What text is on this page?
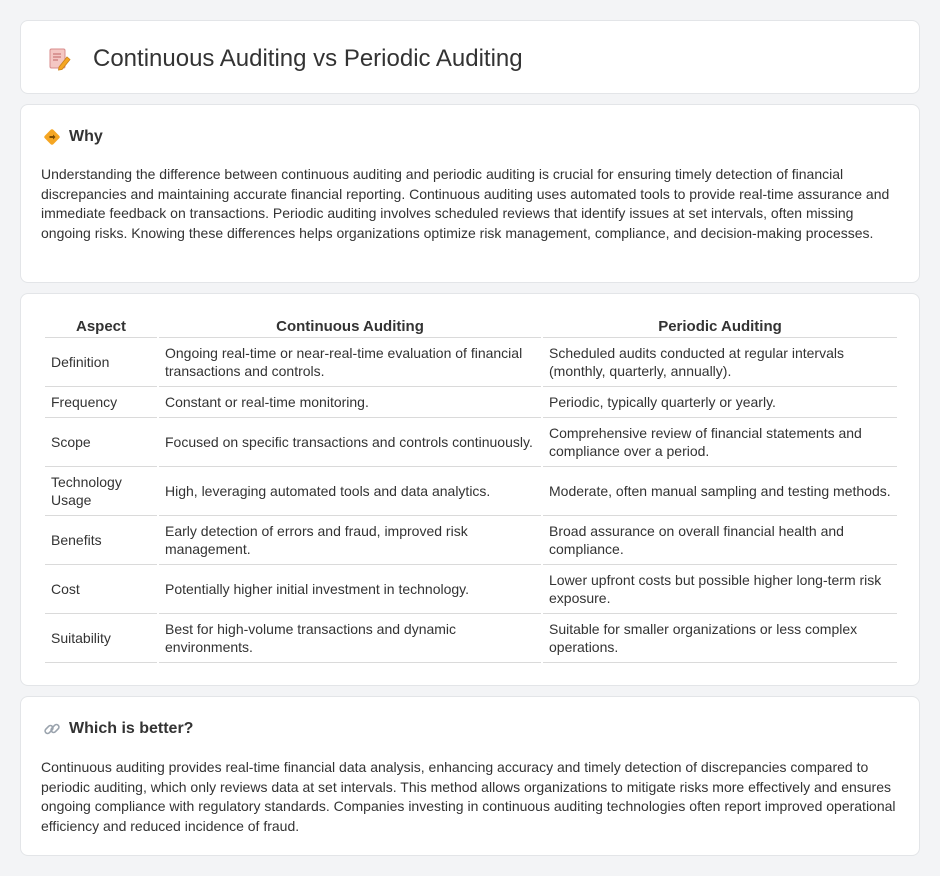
Continuous Auditing vs Periodic Auditing
Why

Understanding the difference between continuous auditing and periodic auditing is crucial for ensuring timely detection of financial discrepancies and maintaining accurate financial reporting. Continuous auditing uses automated tools to provide real-time assurance and immediate feedback on transactions. Periodic auditing involves scheduled reviews that identify issues at set intervals, often missing ongoing risks. Knowing these differences helps organizations optimize risk management, compliance, and decision-making processes.

Aspect	Continuous Auditing	Periodic Auditing
Definition	Ongoing real-time or near-real-time evaluation of financial transactions and controls.	Scheduled audits conducted at regular intervals (monthly, quarterly, annually).
Frequency	Constant or real-time monitoring.	Periodic, typically quarterly or yearly.
Scope	Focused on specific transactions and controls continuously.	Comprehensive review of financial statements and compliance over a period.
Technology Usage	High, leveraging automated tools and data analytics.	Moderate, often manual sampling and testing methods.
Benefits	Early detection of errors and fraud, improved risk management.	Broad assurance on overall financial health and compliance.
Cost	Potentially higher initial investment in technology.	Lower upfront costs but possible higher long-term risk exposure.
Suitability	Best for high-volume transactions and dynamic environments.	Suitable for smaller organizations or less complex operations.
Which is better?

Continuous auditing provides real-time financial data analysis, enhancing accuracy and timely detection of discrepancies compared to periodic auditing, which only reviews data at set intervals. This method allows organizations to mitigate risks more effectively and ensures ongoing compliance with regulatory standards. Companies investing in continuous auditing technologies often report improved operational efficiency and reduced incidence of fraud.
